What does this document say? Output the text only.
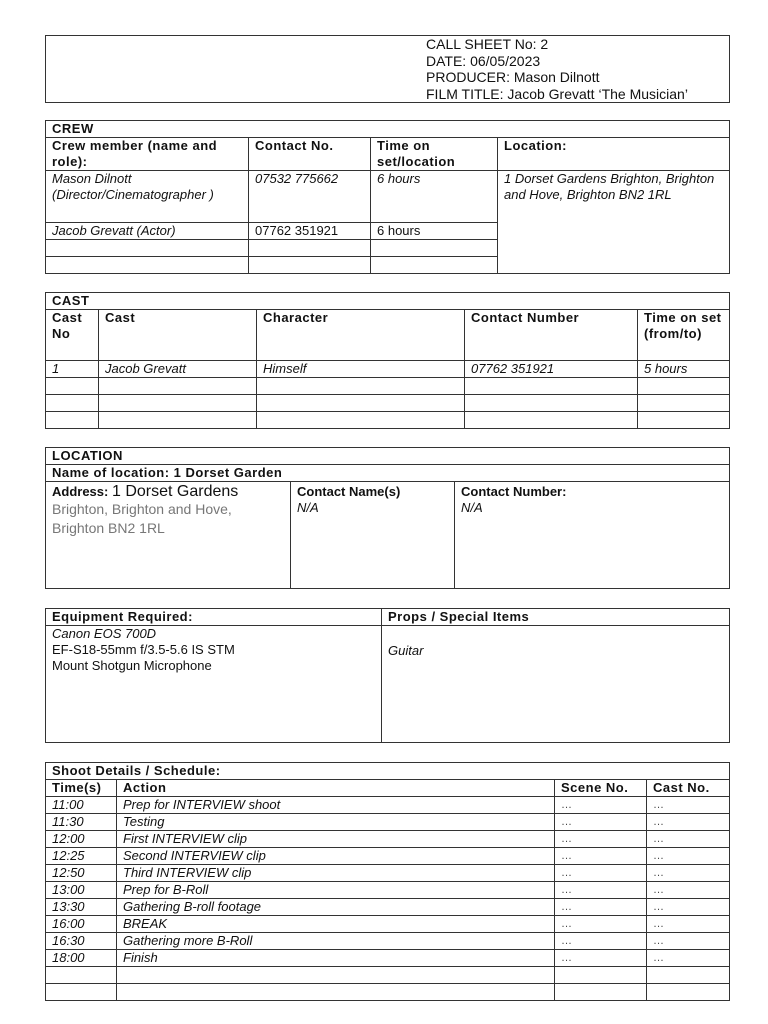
CALL SHEET No: 2
DATE: 06/05/2023
PRODUCER: Mason Dilnott
FILM TITLE: Jacob Grevatt ‘The Musician’
CREW			
Crew member (name and role):	Contact No.	Time on set/location	Location:
Mason Dilnott (Director/Cinematographer )	07532 775662	6 hours	1 Dorset Gardens Brighton, Brighton and Hove, Brighton BN2 1RL
Jacob Grevatt (Actor)	07762 351921	6 hours	

CAST				
Cast No	Cast	Character	Contact Number	Time on set (from/to)
1	Jacob Grevatt	Himself	07762 351921	5 hours

LOCATION
Name of location: 1 Dorset Garden
Address: 1 Dorset Gardens
Brighton, Brighton and Hove, Brighton BN2 1RL

Contact Name(s)
N/A

Contact Number:
N/A
Equipment Required:	Props / Special Items

Canon EOS 700D
EF-S18-55mm f/3.5-5.6 IS STM
Mount Shotgun Microphone	Guitar
Shoot Details / Schedule:			
Time(s)	Action	Scene No.	Cast No.
11:00	Prep for INTERVIEW shoot	…	…
11:30	Testing	…	…
12:00	First INTERVIEW clip	…	…
12:25	Second INTERVIEW clip	…	…
12:50	Third INTERVIEW clip	…	…
13:00	Prep for B-Roll	…	…
13:30	Gathering B-roll footage	…	…
16:00	BREAK	…	…
16:30	Gathering more B-Roll	…	…
18:00	Finish	…	…
